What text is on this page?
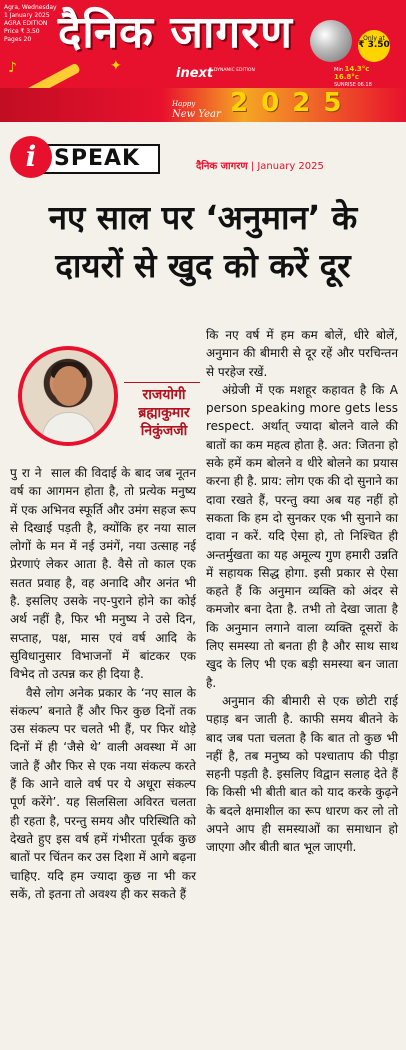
Agra, Wednesday
1 January 2025
AGRA EDITION
Price ₹ 3.50
Pages 20
♪	✦
दैनिक जागरण	Only at
₹ 3.50
inext DYNAMIC EDITION	Min 14.3°c
16.8°c
SUNRISE 06.18
Happy
New Year 2 0 2 5
i SPEAK	दैनिक जागरण | January 2025
नए साल पर ‘अनुमान’ के
दायरों से खुद को करें दूर
राजयोगी
ब्रह्माकुमार
निकुंजजी

पुराने साल की विदाई के बाद जब नूतन वर्ष का आगमन होता है, तो प्रत्येक मनुष्य में एक अभिनव स्फूर्ति और उमंग सहज रूप से दिखाई पड़ती है, क्योंकि हर नया साल लोगों के मन में नई उमंगें, नया उत्साह नई प्रेरणाएं लेकर आता है. वैसे तो काल एक सतत प्रवाह है, वह अनादि और अनंत भी है. इसलिए उसके नए-पुराने होने का कोई अर्थ नहीं है, फिर भी मनुष्य ने उसे दिन, सप्ताह, पक्ष, मास एवं वर्ष आदि के सुविधानुसार विभाजनों में बांटकर एक विभेद तो उत्पन्न कर ही दिया है.

वैसे लोग अनेक प्रकार के ‘नए साल के संकल्प’ बनाते हैं और फिर कुछ दिनों तक उस संकल्प पर चलते भी हैं, पर फिर थोड़े दिनों में ही ‘जैसे थे’ वाली अवस्था में आ जाते हैं और फिर से एक नया संकल्प करते हैं कि आने वाले वर्ष पर ये अधूरा संकल्प पूर्ण करेंगे’. यह सिलसिला अविरत चलता ही रहता है, परन्तु समय और परिस्थिति को देखते हुए इस वर्ष हमें गंभीरता पूर्वक कुछ बातों पर चिंतन कर उस दिशा में आगे बढ़ना चाहिए. यदि हम ज्यादा कुछ ना भी कर सकें, तो इतना तो अवश्य ही कर सकते हैं

कि नए वर्ष में हम कम बोलें, धीरे बोलें, अनुमान की बीमारी से दूर रहें और परचिन्तन से परहेज रखें.

अंग्रेजी में एक मशहूर कहावत है कि A person speaking more gets less respect. अर्थात् ज्यादा बोलने वाले की बातों का कम महत्व होता है. अत: जितना हो सके हमें कम बोलने व धीरे बोलने का प्रयास करना ही है. प्राय: लोग एक की दो सुनाने का दावा रखते हैं, परन्तु क्या अब यह नहीं हो सकता कि हम दो सुनकर एक भी सुनाने का दावा न करें. यदि ऐसा हो, तो निश्चित ही अन्तर्मुखता का यह अमूल्य गुण हमारी उन्नति में सहायक सिद्ध होगा. इसी प्रकार से ऐसा कहते हैं कि अनुमान व्यक्ति को अंदर से कमजोर बना देता है. तभी तो देखा जाता है कि अनुमान लगाने वाला व्यक्ति दूसरों के लिए समस्या तो बनता ही है और साथ साथ खुद के लिए भी एक बड़ी समस्या बन जाता है.

अनुमान की बीमारी से एक छोटी राई पहाड़ बन जाती है. काफी समय बीतने के बाद जब पता चलता है कि बात तो कुछ भी नहीं है, तब मनुष्य को पश्चाताप की पीड़ा सहनी पड़ती है. इसलिए विद्वान सलाह देते हैं कि किसी भी बीती बात को याद करके कुढ़ने के बदले क्षमाशील का रूप धारण कर लो तो अपने आप ही समस्याओं का समाधान हो जाएगा और बीती बात भूल जाएगी.
